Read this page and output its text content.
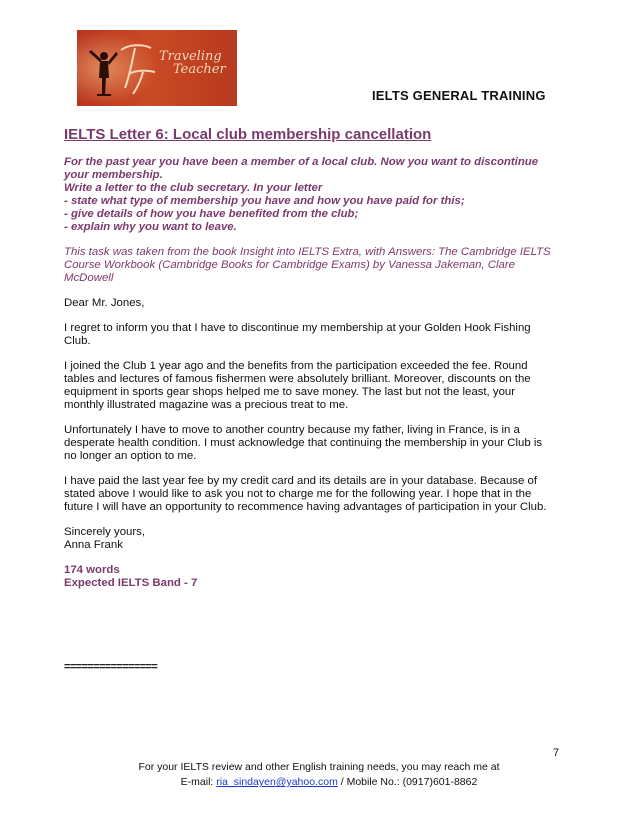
Traveling
Teacher
IELTS GENERAL TRAINING
IELTS Letter 6: Local club membership cancellation
For the past year you have been a member of a local club. Now you want to discontinue your membership.
Write a letter to the club secretary. In your letter
- state what type of membership you have and how you have paid for this;
- give details of how you have benefited from the club;
- explain why you want to leave.
This task was taken from the book Insight into IELTS Extra, with Answers: The Cambridge IELTS Course Workbook (Cambridge Books for Cambridge Exams) by Vanessa Jakeman, Clare McDowell

Dear Mr. Jones,

I regret to inform you that I have to discontinue my membership at your Golden Hook Fishing Club.

I joined the Club 1 year ago and the benefits from the participation exceeded the fee. Round tables and lectures of famous fishermen were absolutely brilliant. Moreover, discounts on the equipment in sports gear shops helped me to save money. The last but not the least, your monthly illustrated magazine was a precious treat to me.

Unfortunately I have to move to another country because my father, living in France, is in a desperate health condition. I must acknowledge that continuing the membership in your Club is no longer an option to me.

I have paid the last year fee by my credit card and its details are in your database. Because of stated above I would like to ask you not to charge me for the following year. I hope that in the future I will have an opportunity to recommence having advantages of participation in your Club.

Sincerely yours,
Anna Frank

174 words
Expected IELTS Band - 7
================
7
For your IELTS review and other English training needs, you may reach me at
E-mail: ria_sindayen@yahoo.com / Mobile No.: (0917)601-8862
